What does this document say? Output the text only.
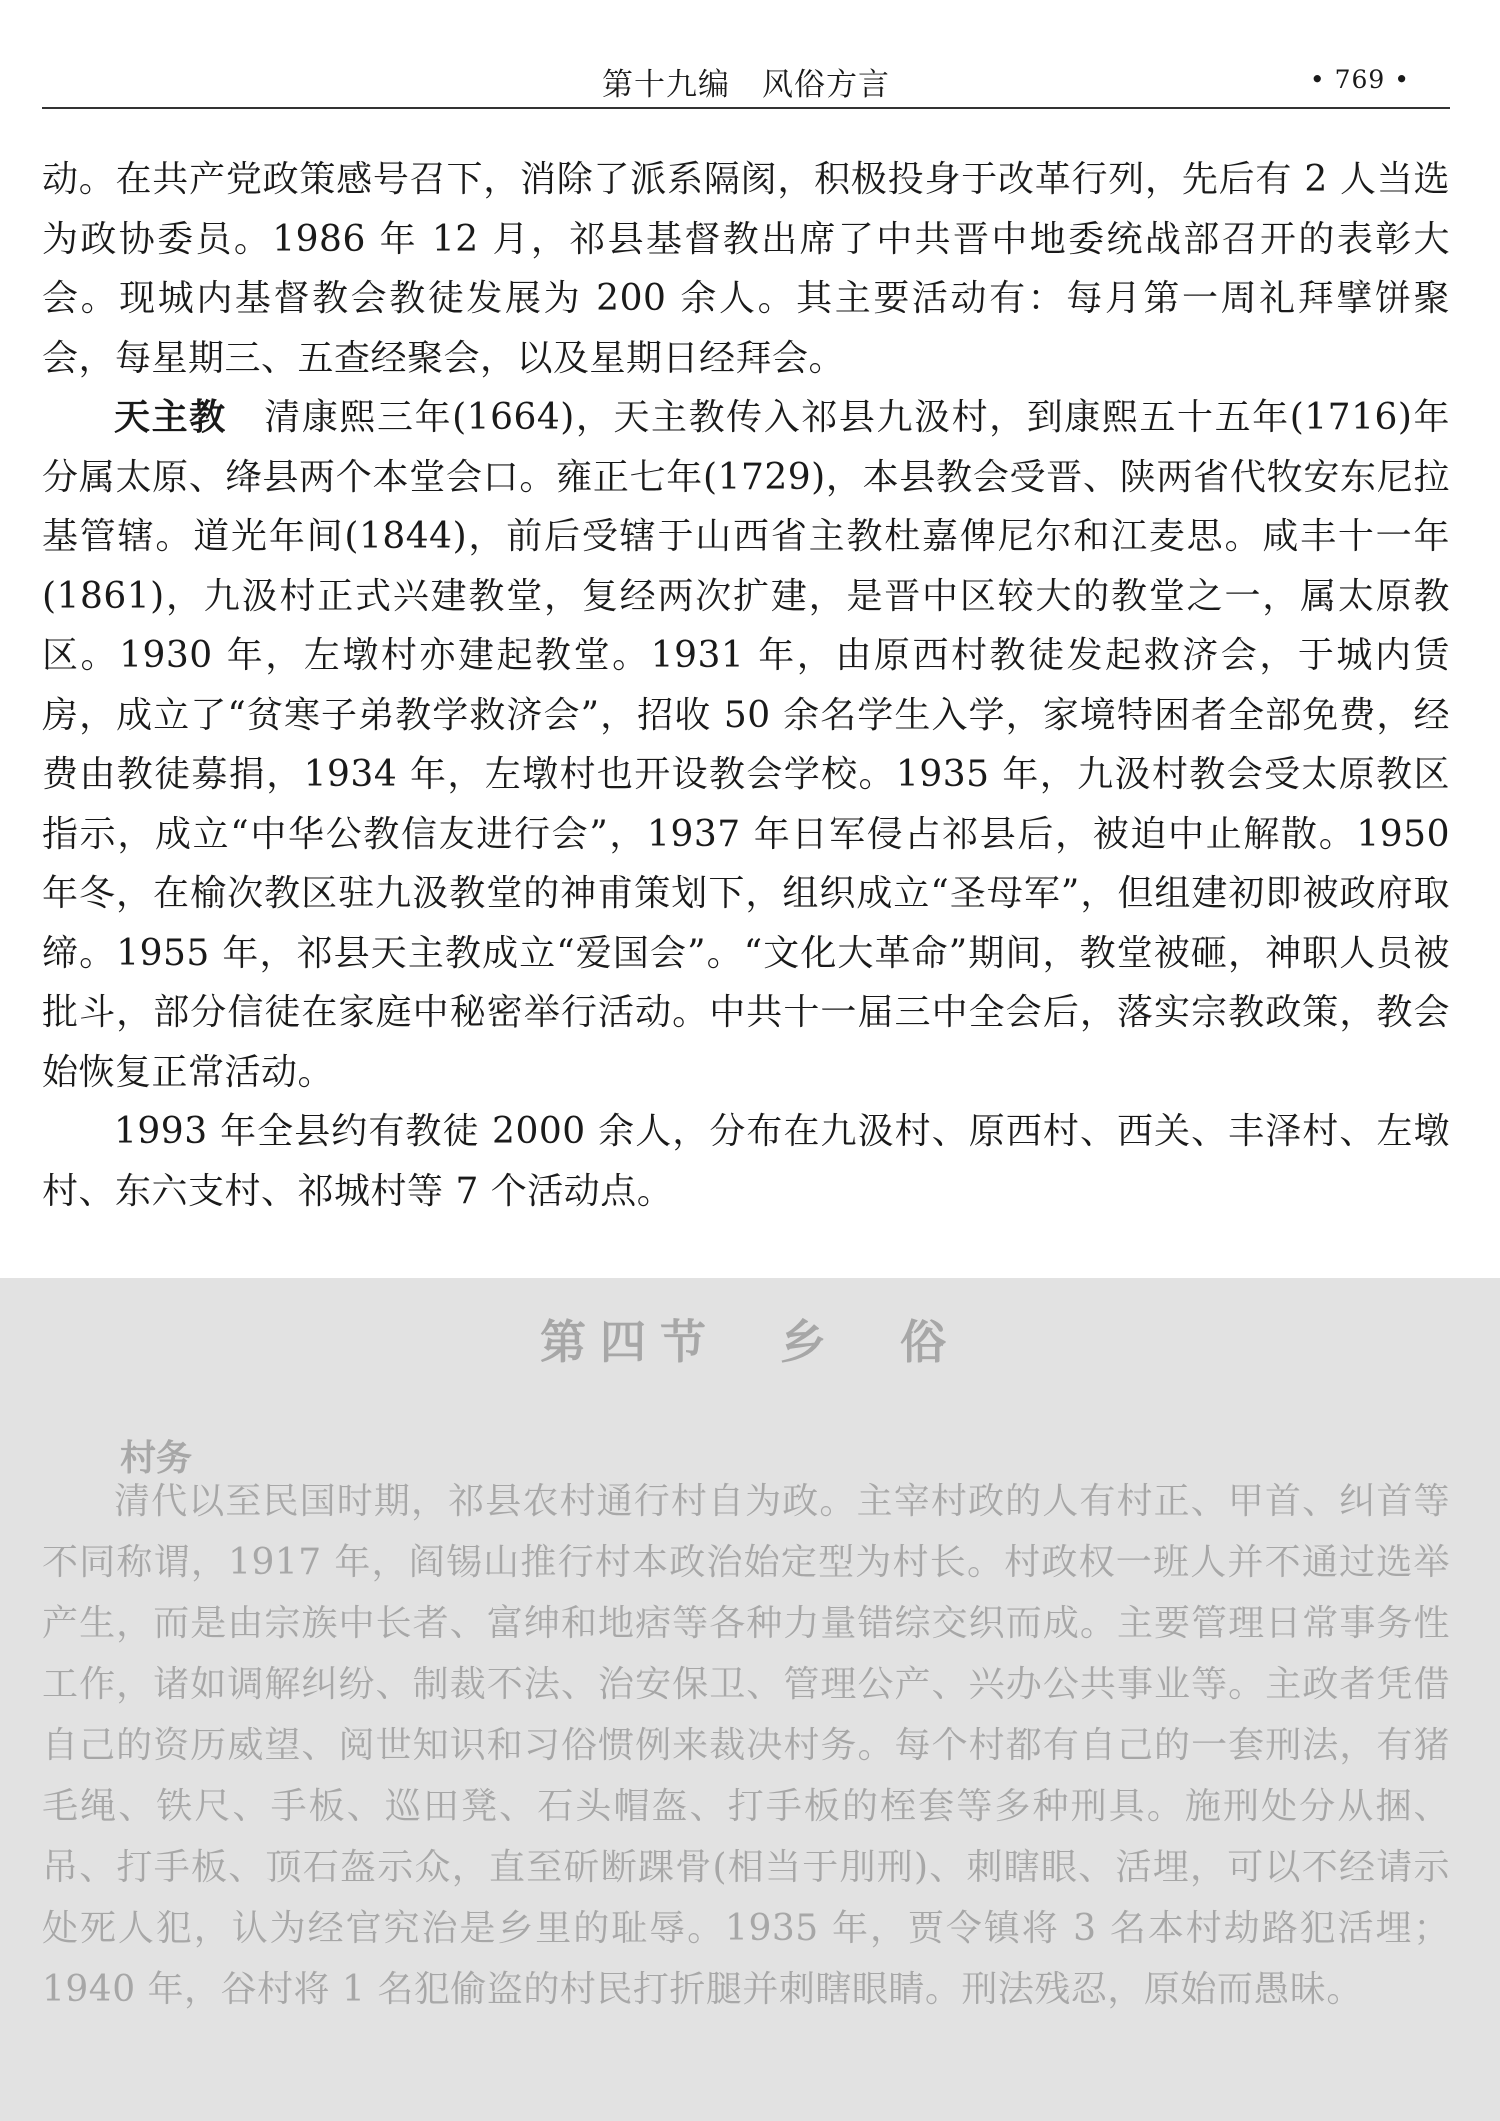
第十九编　风俗方言	• 769 •

动。在共产党政策感号召下，消除了派系隔阂，积极投身于改革行列，先后有 2 人当选为政协委员。1986 年 12 月，祁县基督教出席了中共晋中地委统战部召开的表彰大会。现城内基督教会教徒发展为 200 余人。其主要活动有：每月第一周礼拜擘饼聚会，每星期三、五查经聚会，以及星期日经拜会。

天主教　清康熙三年(1664)，天主教传入祁县九汲村，到康熙五十五年(1716)年分属太原、绛县两个本堂会口。雍正七年(1729)，本县教会受晋、陕两省代牧安东尼拉基管辖。道光年间(1844)，前后受辖于山西省主教杜嘉俾尼尔和江麦思。咸丰十一年(1861)，九汲村正式兴建教堂，复经两次扩建，是晋中区较大的教堂之一，属太原教区。1930 年，左墩村亦建起教堂。1931 年，由原西村教徒发起救济会，于城内赁房，成立了“贫寒子弟教学救济会”，招收 50 余名学生入学，家境特困者全部免费，经费由教徒募捐，1934 年，左墩村也开设教会学校。1935 年，九汲村教会受太原教区指示，成立“中华公教信友进行会”，1937 年日军侵占祁县后，被迫中止解散。1950 年冬，在榆次教区驻九汲教堂的神甫策划下，组织成立“圣母军”，但组建初即被政府取缔。1955 年，祁县天主教成立“爱国会”。“文化大革命”期间，教堂被砸，神职人员被批斗，部分信徒在家庭中秘密举行活动。中共十一届三中全会后，落实宗教政策，教会始恢复正常活动。

1993 年全县约有教徒 2000 余人，分布在九汲村、原西村、西关、丰泽村、左墩村、东六支村、祁城村等 7 个活动点。

第四节　乡　俗
村务

清代以至民国时期，祁县农村通行村自为政。主宰村政的人有村正、甲首、纠首等不同称谓，1917 年，阎锡山推行村本政治始定型为村长。村政权一班人并不通过选举产生，而是由宗族中长者、富绅和地痞等各种力量错综交织而成。主要管理日常事务性工作，诸如调解纠纷、制裁不法、治安保卫、管理公产、兴办公共事业等。主政者凭借自己的资历威望、阅世知识和习俗惯例来裁决村务。每个村都有自己的一套刑法，有猪毛绳、铁尺、手板、巡田凳、石头帽盔、打手板的桎套等多种刑具。施刑处分从捆、吊、打手板、顶石盔示众，直至斫断踝骨(相当于刖刑)、刺瞎眼、活埋，可以不经请示处死人犯，认为经官究治是乡里的耻辱。1935 年，贾令镇将 3 名本村劫路犯活埋；1940 年，谷村将 1 名犯偷盗的村民打折腿并刺瞎眼睛。刑法残忍，原始而愚昧。
